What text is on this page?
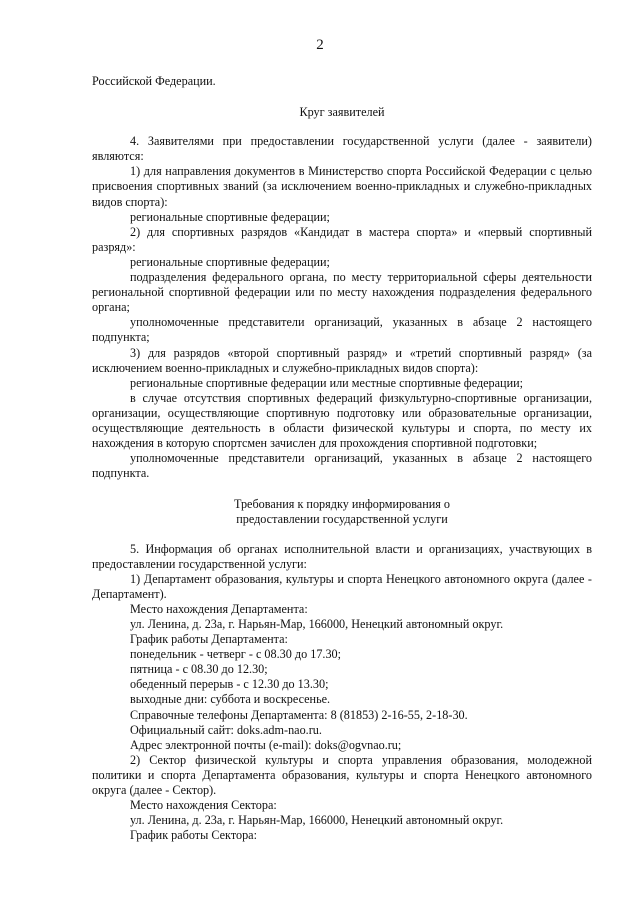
2

Российской Федерации.

Круг заявителей

4. Заявителями при предоставлении государственной услуги (далее - заявители) являются:

1) для направления документов в Министерство спорта Российской Федерации с целью присвоения спортивных званий (за исключением военно-прикладных и служебно-прикладных видов спорта):

региональные спортивные федерации;

2) для спортивных разрядов «Кандидат в мастера спорта» и «первый спортивный разряд»:

региональные спортивные федерации;

подразделения федерального органа, по месту территориальной сферы деятельности региональной спортивной федерации или по месту нахождения подразделения федерального органа;

уполномоченные представители организаций, указанных в абзаце 2 настоящего подпункта;

3) для разрядов «второй спортивный разряд» и «третий спортивный разряд» (за исключением военно-прикладных и служебно-прикладных видов спорта):

региональные спортивные федерации или местные спортивные федерации;

в случае отсутствия спортивных федераций физкультурно-спортивные организации, организации, осуществляющие спортивную подготовку или образовательные организации, осуществляющие деятельность в области физической культуры и спорта, по месту их нахождения в которую спортсмен зачислен для прохождения спортивной подготовки;

уполномоченные представители организаций, указанных в абзаце 2 настоящего подпункта.

Требования к порядку информирования о

предоставлении государственной услуги

5. Информация об органах исполнительной власти и организациях, участвующих в предоставлении государственной услуги:

1) Департамент образования, культуры и спорта Ненецкого автономного округа (далее - Департамент).

Место нахождения Департамента:

ул. Ленина, д. 23а, г. Нарьян-Мар, 166000, Ненецкий автономный округ.

График работы Департамента:

понедельник - четверг - с 08.30 до 17.30;

пятница - с 08.30 до 12.30;

обеденный перерыв - с 12.30 до 13.30;

выходные дни: суббота и воскресенье.

Справочные телефоны Департамента: 8 (81853) 2-16-55, 2-18-30.

Официальный сайт: doks.adm-nao.ru.

Адрес электронной почты (e-mail): doks@ogvnao.ru;

2) Сектор физической культуры и спорта управления образования, молодежной политики и спорта Департамента образования, культуры и спорта Ненецкого автономного округа (далее - Сектор).

Место нахождения Сектора:

ул. Ленина, д. 23а, г. Нарьян-Мар, 166000, Ненецкий автономный округ.

График работы Сектора:
